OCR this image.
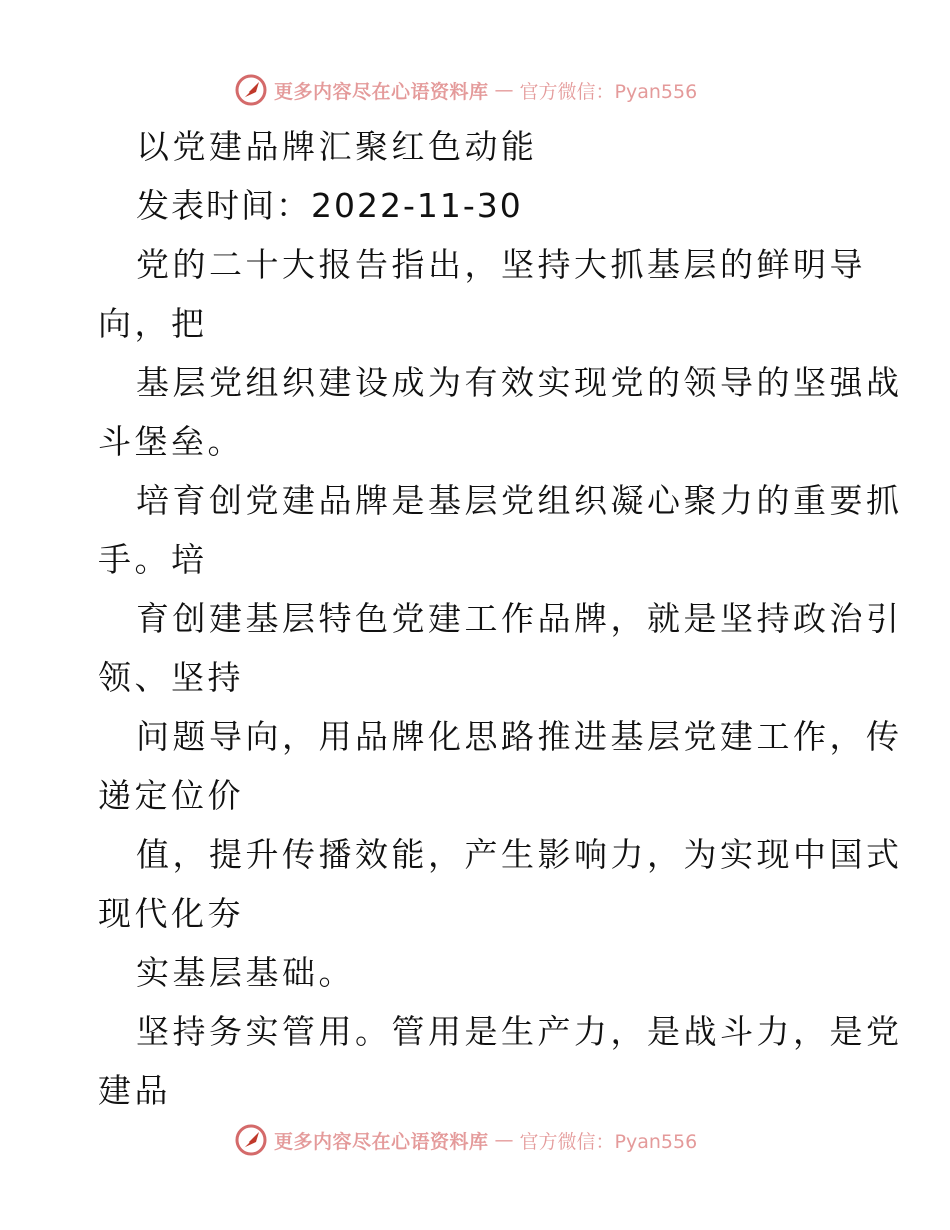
更多内容尽在心语资料库 — 官方微信：Pyan556
以党建品牌汇聚红色动能
发表时间：2022-11-30
党的二十大报告指出，坚持大抓基层的鲜明导
向，把
基层党组织建设成为有效实现党的领导的坚强战
斗堡垒。
培育创党建品牌是基层党组织凝心聚力的重要抓
手。培
育创建基层特色党建工作品牌，就是坚持政治引
领、坚持
问题导向，用品牌化思路推进基层党建工作，传
递定位价
值，提升传播效能，产生影响力，为实现中国式
现代化夯
实基层基础。
坚持务实管用。管用是生产力，是战斗力，是党
建品
更多内容尽在心语资料库 — 官方微信：Pyan556
